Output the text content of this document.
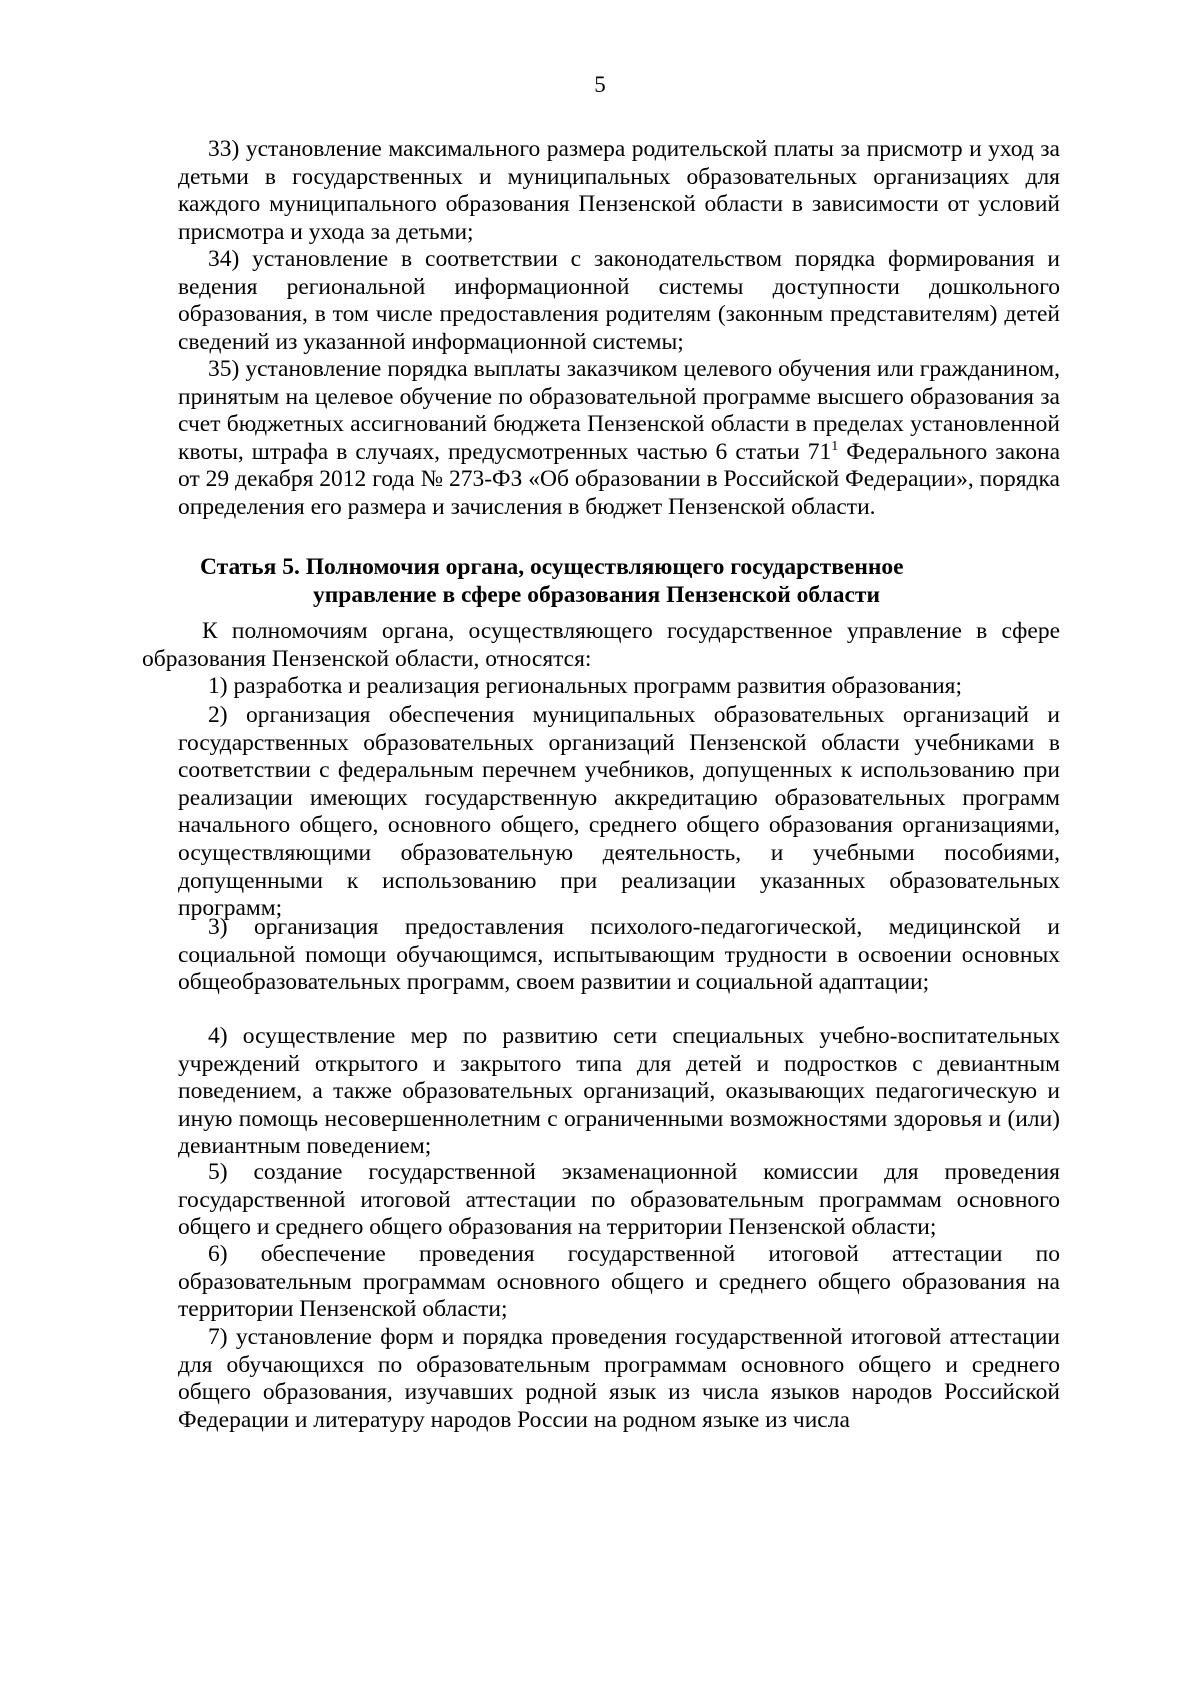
5

33) установление максимального размера родительской платы за присмотр и уход за детьми в государственных и муниципальных образовательных организациях для каждого муниципального образования Пензенской области в зависимости от условий присмотра и ухода за детьми;

34) установление в соответствии с законодательством порядка формирования и ведения региональной информационной системы доступности дошкольного образования, в том числе предоставления родителям (законным представителям) детей сведений из указанной информационной системы;

35) установление порядка выплаты заказчиком целевого обучения или гражданином, принятым на целевое обучение по образовательной программе высшего образования за счет бюджетных ассигнований бюджета Пензенской области в пределах установленной квоты, штрафа в случаях, предусмотренных частью 6 статьи $71^1$ Федерального закона от 29 декабря 2012 года № 273-ФЗ «Об образовании в Российской Федерации», порядка определения его размера и зачисления в бюджет Пензенской области.

Статья 5. Полномочия органа, осуществляющего государственное
управление в сфере образования Пензенской области

К полномочиям органа, осуществляющего государственное управление в сфере образования Пензенской области, относятся:

1) разработка и реализация региональных программ развития образования;

2) организация обеспечения муниципальных образовательных организаций и государственных образовательных организаций Пензенской области учебниками в соответствии с федеральным перечнем учебников, допущенных к использованию при реализации имеющих государственную аккредитацию образовательных программ начального общего, основного общего, среднего общего образования организациями, осуществляющими образовательную деятельность, и учебными пособиями, допущенными к использованию при реализации указанных образовательных программ;

3) организация предоставления психолого-педагогической, медицинской и социальной помощи обучающимся, испытывающим трудности в освоении основных общеобразовательных программ, своем развитии и социальной адаптации;

4) осуществление мер по развитию сети специальных учебно-воспитательных учреждений открытого и закрытого типа для детей и подростков с девиантным поведением, а также образовательных организаций, оказывающих педагогическую и иную помощь несовершеннолетним с ограниченными возможностями здоровья и (или) девиантным поведением;

5) создание государственной экзаменационной комиссии для проведения государственной итоговой аттестации по образовательным программам основного общего и среднего общего образования на территории Пензенской области;

6) обеспечение проведения государственной итоговой аттестации по образовательным программам основного общего и среднего общего образования на территории Пензенской области;

7) установление форм и порядка проведения государственной итоговой аттестации для обучающихся по образовательным программам основного общего и среднего общего образования, изучавших родной язык из числа языков народов Российской Федерации и литературу народов России на родном языке из числа
